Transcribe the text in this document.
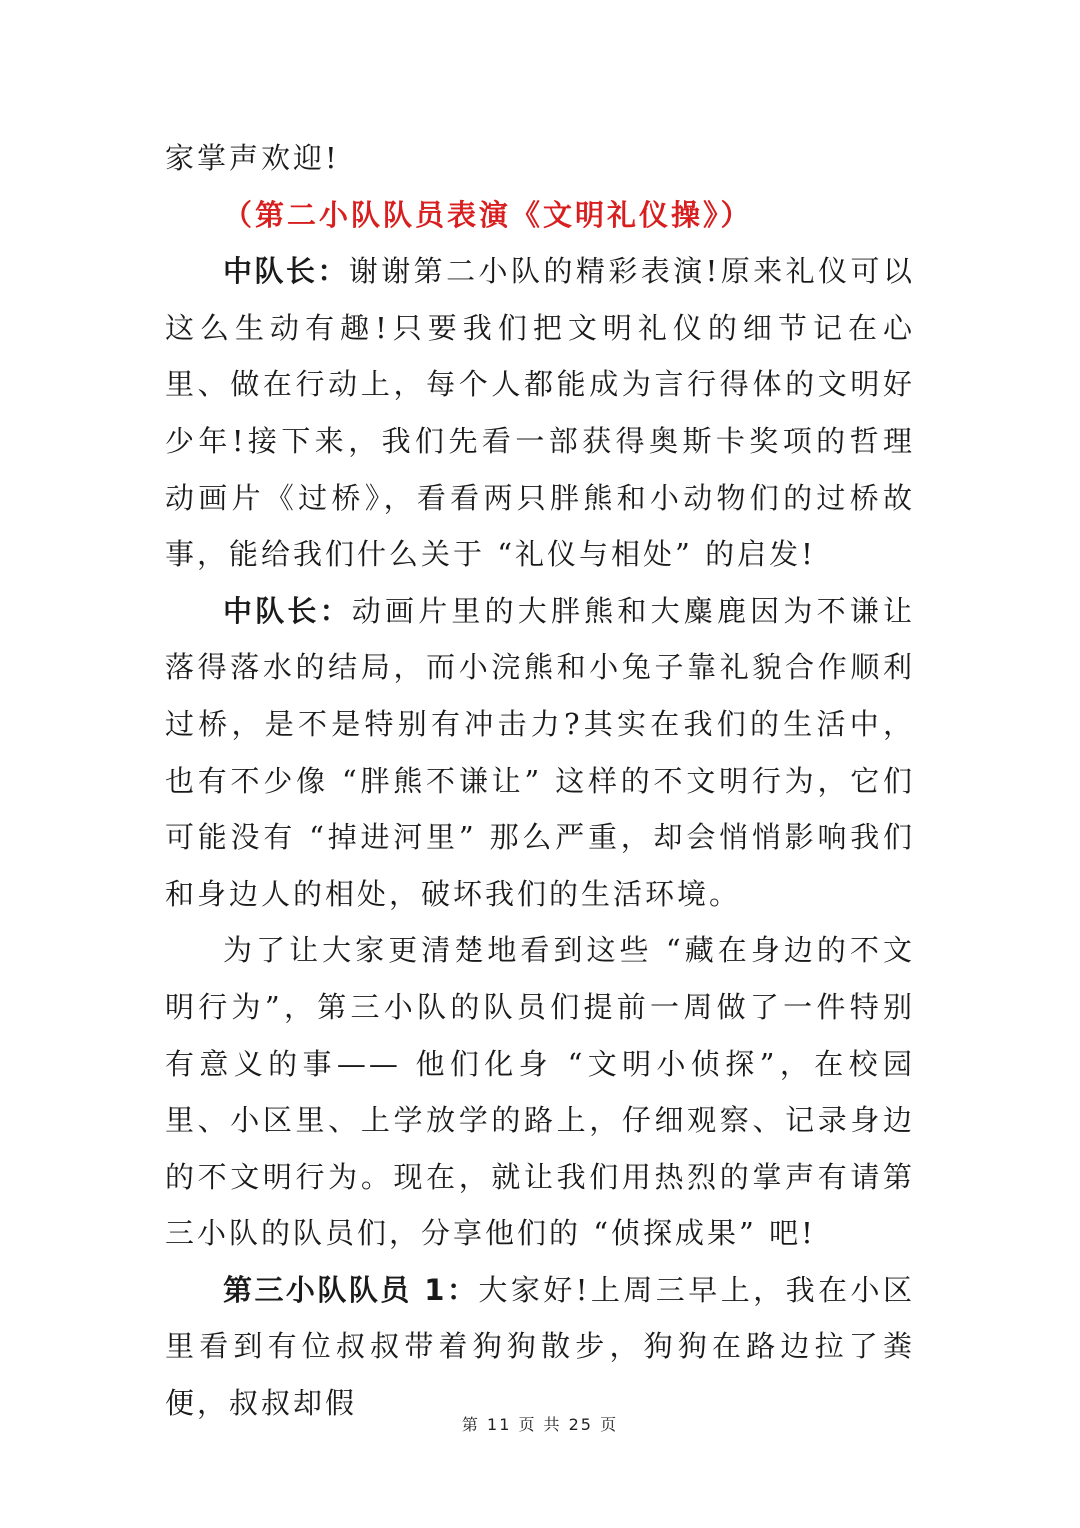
家掌声欢迎!

（第二小队队员表演《文明礼仪操》）

中队长：谢谢第二小队的精彩表演!原来礼仪可以这么生动有趣!只要我们把文明礼仪的细节记在心里、做在行动上，每个人都能成为言行得体的文明好少年!接下来，我们先看一部获得奥斯卡奖项的哲理动画片《过桥》，看看两只胖熊和小动物们的过桥故事，能给我们什么关于 “礼仪与相处” 的启发!

中队长：动画片里的大胖熊和大麋鹿因为不谦让落得落水的结局，而小浣熊和小兔子靠礼貌合作顺利过桥，是不是特别有冲击力?其实在我们的生活中，也有不少像 “胖熊不谦让” 这样的不文明行为，它们可能没有 “掉进河里” 那么严重，却会悄悄影响我们和身边人的相处，破坏我们的生活环境。

为了让大家更清楚地看到这些 “藏在身边的不文明行为”，第三小队的队员们提前一周做了一件特别有意义的事—— 他们化身 “文明小侦探”，在校园里、小区里、上学放学的路上，仔细观察、记录身边的不文明行为。现在，就让我们用热烈的掌声有请第三小队的队员们，分享他们的 “侦探成果” 吧!

第三小队队员 1：大家好!上周三早上，我在小区里看到有位叔叔带着狗狗散步，狗狗在路边拉了粪便，叔叔却假

第 11 页 共 25 页
